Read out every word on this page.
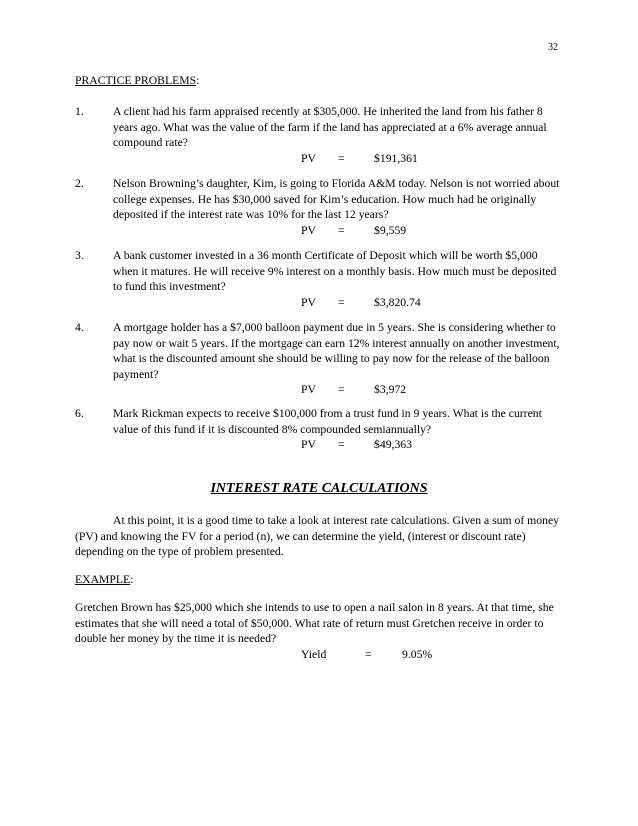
32
PRACTICE PROBLEMS:
1. A client had his farm appraised recently at $305,000. He inherited the land from his father 8 years ago. What was the value of the farm if the land has appreciated at a 6% average annual compound rate?
PV =	$191,361
2. Nelson Browning’s daughter, Kim, is going to Florida A&M today. Nelson is not worried about college expenses. He has $30,000 saved for Kim’s education. How much had he originally deposited if the interest rate was 10% for the last 12 years?
PV =	$9,559
3. A bank customer invested in a 36 month Certificate of Deposit which will be worth $5,000 when it matures. He will receive 9% interest on a monthly basis. How much must be deposited to fund this investment?
PV =	$3,820.74
4. A mortgage holder has a $7,000 balloon payment due in 5 years. She is considering whether to pay now or wait 5 years. If the mortgage can earn 12% interest annually on another investment, what is the discounted amount she should be willing to pay now for the release of the balloon payment?
PV =	$3,972
6. Mark Rickman expects to receive $100,000 from a trust fund in 9 years. What is the current value of this fund if it is discounted 8% compounded semiannually?
PV =	$49,363
INTEREST RATE CALCULATIONS
At this point, it is a good time to take a look at interest rate calculations. Given a sum of money (PV) and knowing the FV for a period (n), we can determine the yield, (interest or discount rate) depending on the type of problem presented.
EXAMPLE:
Gretchen Brown has $25,000 which she intends to use to open a nail salon in 8 years. At that time, she estimates that she will need a total of $50,000. What rate of return must Gretchen receive in order to double her money by the time it is needed?
Yield	=	9.05%
